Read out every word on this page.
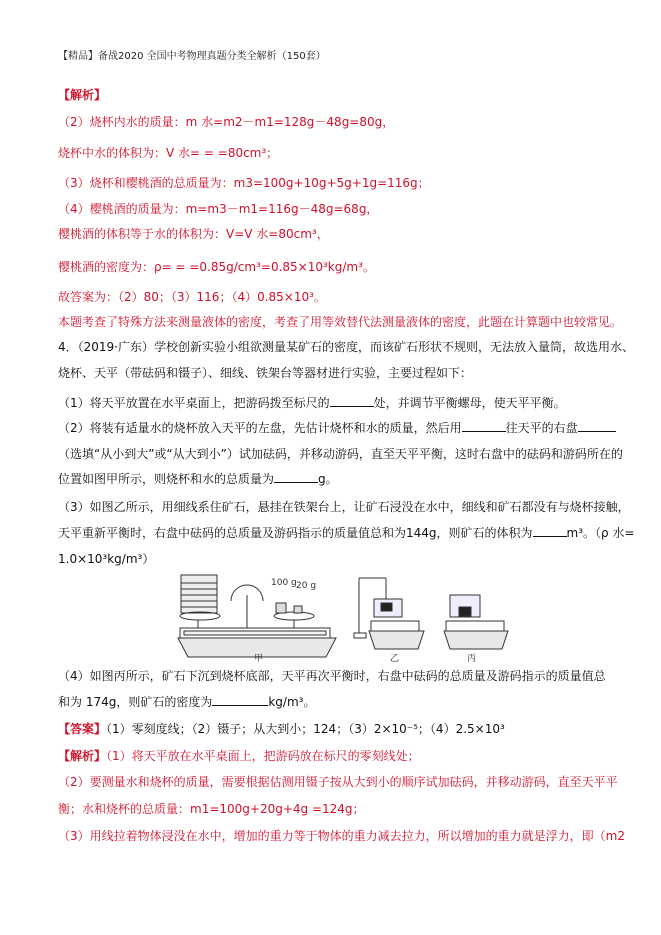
【精品】备战2020 全国中考物理真题分类全解析（150套）
【解析】
（2）烧杯内水的质量：m 水=m2－m1=128g－48g=80g，
烧杯中水的体积为：V 水= = =80cm³；
（3）烧杯和樱桃酒的总质量为：m3=100g+10g+5g+1g=116g；
（4）樱桃酒的质量为：m=m3－m1=116g－48g=68g，
樱桃酒的体积等于水的体积为：V=V 水=80cm³，
樱桃酒的密度为：ρ= = =0.85g/cm³=0.85×10³kg/m³。
故答案为：（2）80；（3）116；（4）0.85×10³。
本题考查了特殊方法来测量液体的密度，考查了用等效替代法测量液体的密度，此题在计算题中也较常见。
4．（2019·广东）学校创新实验小组欲测量某矿石的密度，而该矿石形状不规则，无法放入量筒，故选用水、
烧杯、天平（带砝码和镊子）、细线、铁架台等器材进行实验，主要过程如下：
（1）将天平放置在水平桌面上，把游码拨至标尺的	处，并调节平衡螺母，使天平平衡。
（2）将装有适量水的烧杯放入天平的左盘，先估计烧杯和水的质量，然后用	往天平的右盘
（选填“从小到大”或“从大到小”）试加砝码，并移动游码，直至天平平衡，这时右盘中的砝码和游码所在的
位置如图甲所示，则烧杯和水的总质量为	g。
（3）如图乙所示，用细线系住矿石，悬挂在铁架台上，让矿石浸没在水中，细线和矿石都没有与烧杯接触，
天平重新平衡时，右盘中砝码的总质量及游码指示的质量值总和为144g，则矿石的体积为	m³。（ρ 水=
1.0×10³kg/m³）
甲	乙	丙
100 g 20 g
（4）如图丙所示，矿石下沉到烧杯底部，天平再次平衡时，右盘中砝码的总质量及游码指示的质量值总
和为 174g，则矿石的密度为	kg/m³。
【答案】（1）零刻度线；（2）镊子；从大到小；124；（3）2×10⁻⁵；（4）2.5×10³
【解析】（1）将天平放在水平桌面上，把游码放在标尺的零刻线处；
（2）要测量水和烧杯的质量，需要根据估测用镊子按从大到小的顺序试加砝码，并移动游码，直至天平平
衡；水和烧杯的总质量：m1=100g+20g+4g =124g；
（3）用线拉着物体浸没在水中，增加的重力等于物体的重力减去拉力，所以增加的重力就是浮力，即（m2
